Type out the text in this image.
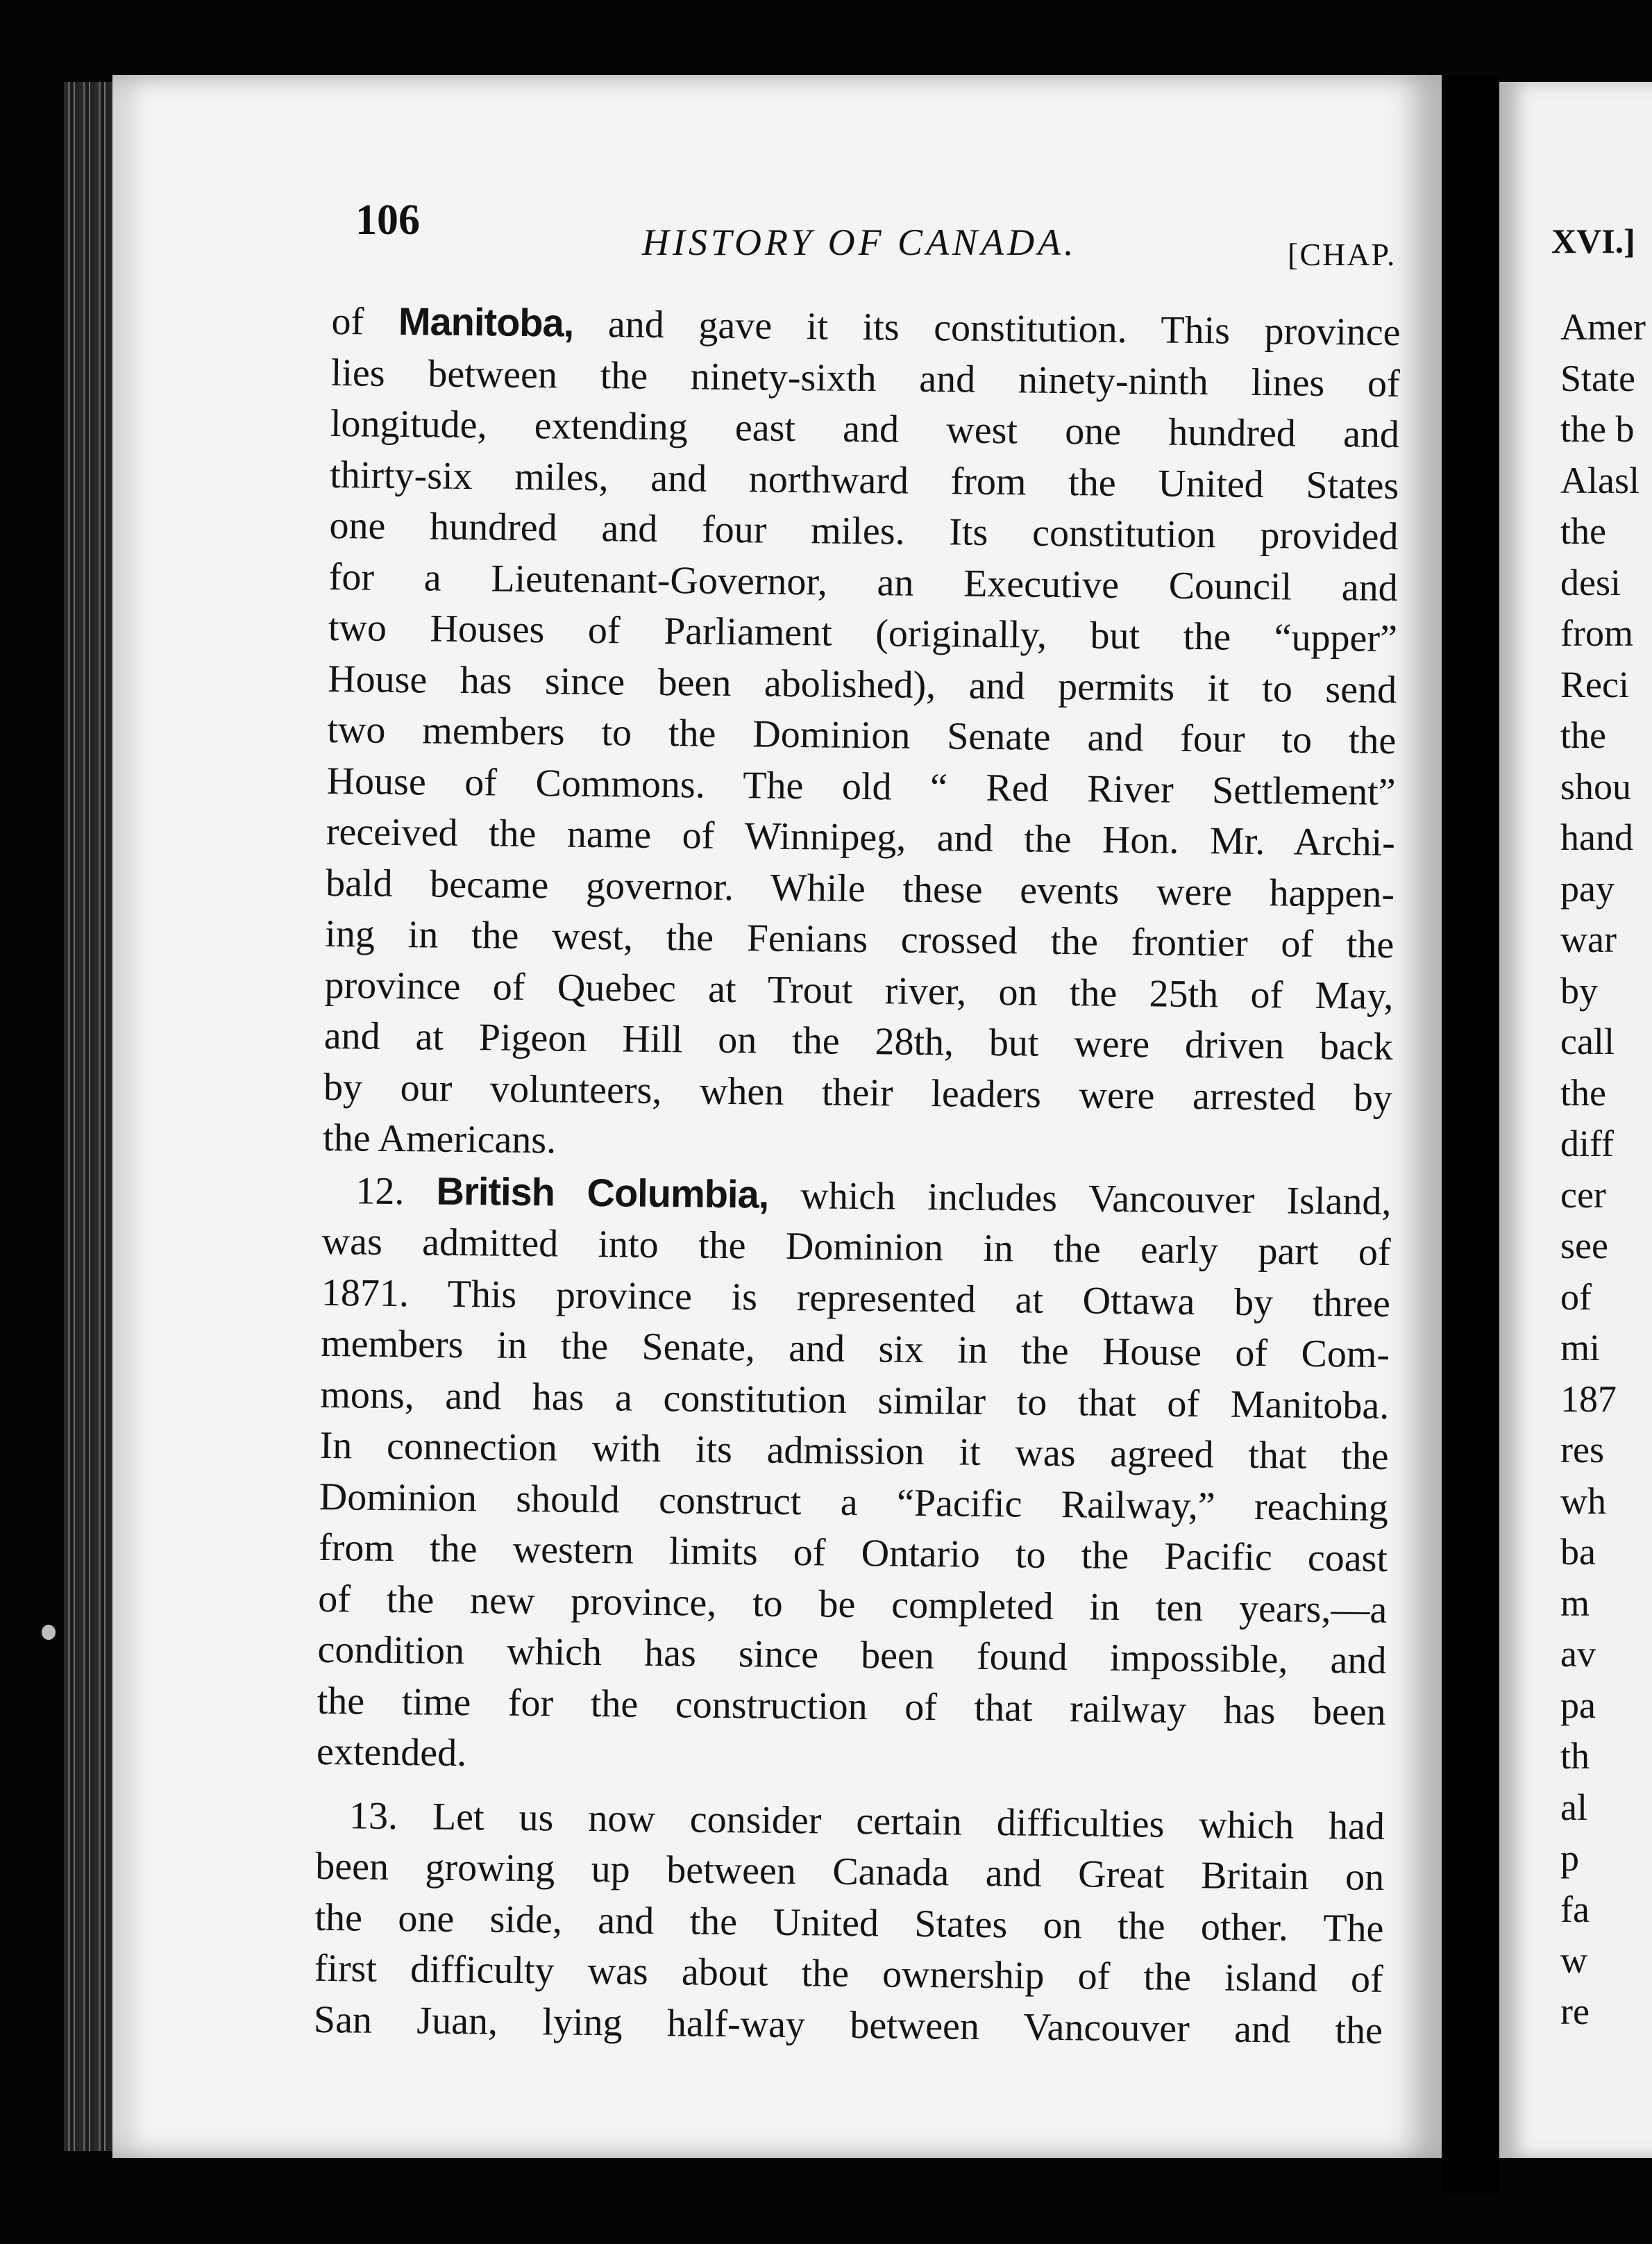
106	HISTORY OF CANADA.	[CHAP.
of Manitoba, and gave it its constitution. This province
lies between the ninety-sixth and ninety-ninth lines of
longitude, extending east and west one hundred and
thirty-six miles, and northward from the United States
one hundred and four miles. Its constitution provided
for a Lieutenant-Governor, an Executive Council and
two Houses of Parliament (originally, but the “upper”
House has since been abolished), and permits it to send
two members to the Dominion Senate and four to the
House of Commons. The old “ Red River Settlement”
received the name of Winnipeg, and the Hon. Mr. Archi-
bald became governor. While these events were happen-
ing in the west, the Fenians crossed the frontier of the
province of Quebec at Trout river, on the 25th of May,
and at Pigeon Hill on the 28th, but were driven back
by our volunteers, when their leaders were arrested by
the Americans.
12. British Columbia, which includes Vancouver Island,
was admitted into the Dominion in the early part of
1871. This province is represented at Ottawa by three
members in the Senate, and six in the House of Com-
mons, and has a constitution similar to that of Manitoba.
In connection with its admission it was agreed that the
Dominion should construct a “Pacific Railway,” reaching
from the western limits of Ontario to the Pacific coast
of the new province, to be completed in ten years,—a
condition which has since been found impossible, and
the time for the construction of that railway has been
extended.
13. Let us now consider certain difficulties which had
been growing up between Canada and Great Britain on
the one side, and the United States on the other. The
first difficulty was about the ownership of the island of
San Juan, lying half-way between Vancouver and the
XVI.]
Amer
State
the b
Alasl
the
desi
from
Reci
the
shou
hand
pay
war
by
call
the
diff
cer
see
of
mi
187
res
wh
ba
m
av
pa
th
al
p
fa
w
re
